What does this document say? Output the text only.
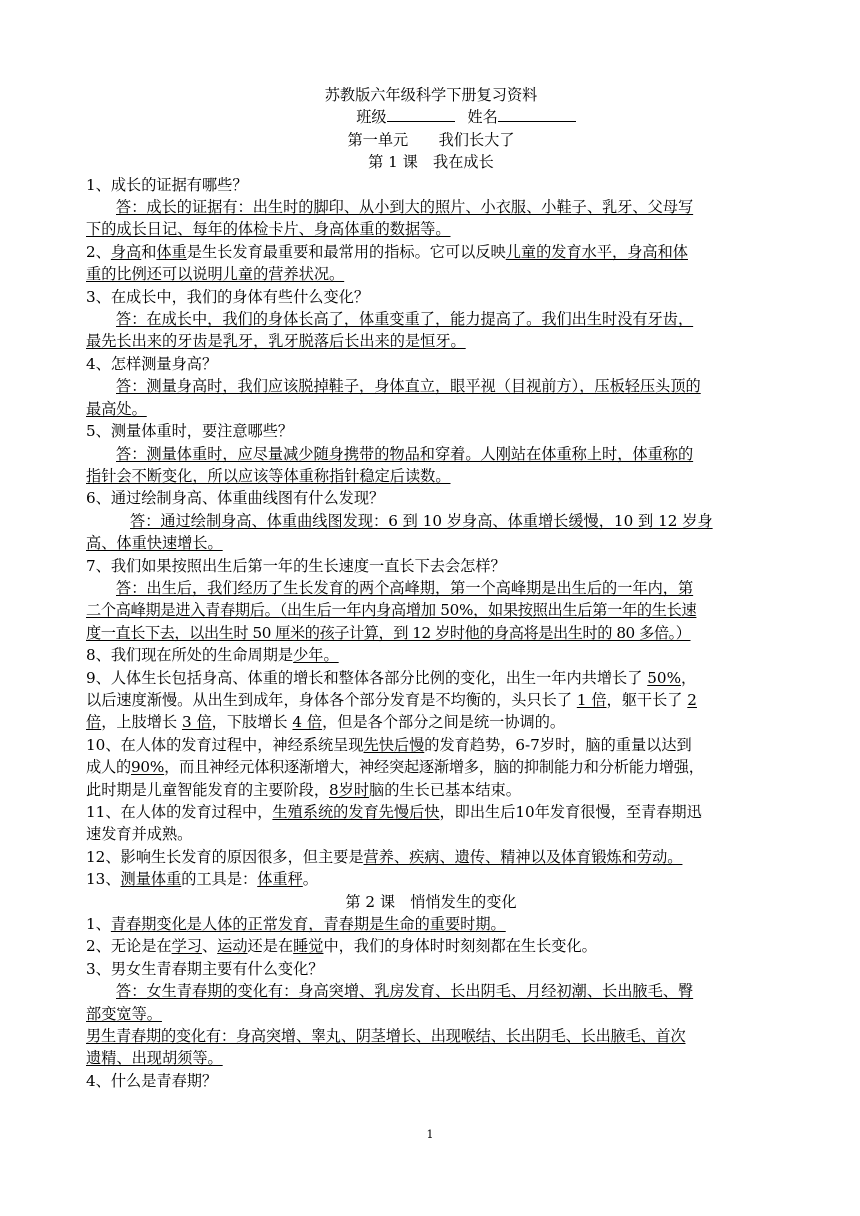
苏教版六年级科学下册复习资料
班级	姓名
第一单元　　我们长大了
第 1 课　我在成长
1、成长的证据有哪些？
答：成长的证据有：出生时的脚印、从小到大的照片、小衣服、小鞋子、乳牙、父母写
下的成长日记、每年的体检卡片、身高体重的数据等。
2、身高和体重是生长发育最重要和最常用的指标。它可以反映儿童的发育水平，身高和体
重的比例还可以说明儿童的营养状况。
3、在成长中，我们的身体有些什么变化？
答：在成长中，我们的身体长高了，体重变重了，能力提高了。我们出生时没有牙齿，
最先长出来的牙齿是乳牙，乳牙脱落后长出来的是恒牙。
4、怎样测量身高？
答：测量身高时，我们应该脱掉鞋子，身体直立，眼平视（目视前方），压板轻压头顶的
最高处。
5、测量体重时，要注意哪些？
答：测量体重时，应尽量减少随身携带的物品和穿着。人刚站在体重称上时，体重称的
指针会不断变化，所以应该等体重称指针稳定后读数。
6、通过绘制身高、体重曲线图有什么发现？
答：通过绘制身高、体重曲线图发现：6 到 10 岁身高、体重增长缓慢，10 到 12 岁身
高、体重快速增长。
7、我们如果按照出生后第一年的生长速度一直长下去会怎样？
答：出生后，我们经历了生长发育的两个高峰期，第一个高峰期是出生后的一年内，第
二个高峰期是进入青春期后。（出生后一年内身高增加 50%，如果按照出生后第一年的生长速
度一直长下去，以出生时 50 厘米的孩子计算，到 12 岁时他的身高将是出生时的 80 多倍。）
8、我们现在所处的生命周期是少年。
9、人体生长包括身高、体重的增长和整体各部分比例的变化，出生一年内共增长了 50%，
以后速度渐慢。从出生到成年，身体各个部分发育是不均衡的，头只长了 1 倍，躯干长了 2
倍，上肢增长 3 倍，下肢增长 4 倍，但是各个部分之间是统一协调的。
10、在人体的发育过程中，神经系统呈现先快后慢的发育趋势，6-7岁时，脑的重量以达到
成人的90%，而且神经元体积逐渐增大，神经突起逐渐增多，脑的抑制能力和分析能力增强，
此时期是儿童智能发育的主要阶段，8岁时脑的生长已基本结束。
11、在人体的发育过程中，生殖系统的发育先慢后快，即出生后10年发育很慢，至青春期迅
速发育并成熟。
12、影响生长发育的原因很多，但主要是营养、疾病、遗传、精神以及体育锻炼和劳动。
13、测量体重的工具是：体重秤。
第 2 课　悄悄发生的变化
1、青春期变化是人体的正常发育，青春期是生命的重要时期。
2、无论是在学习、运动还是在睡觉中，我们的身体时时刻刻都在生长变化。
3、男女生青春期主要有什么变化？
答：女生青春期的变化有：身高突增、乳房发育、长出阴毛、月经初潮、长出腋毛、臀
部变宽等。
男生青春期的变化有：身高突增、睾丸、阴茎增长、出现喉结、长出阴毛、长出腋毛、首次
遗精、出现胡须等。
4、什么是青春期？
1
